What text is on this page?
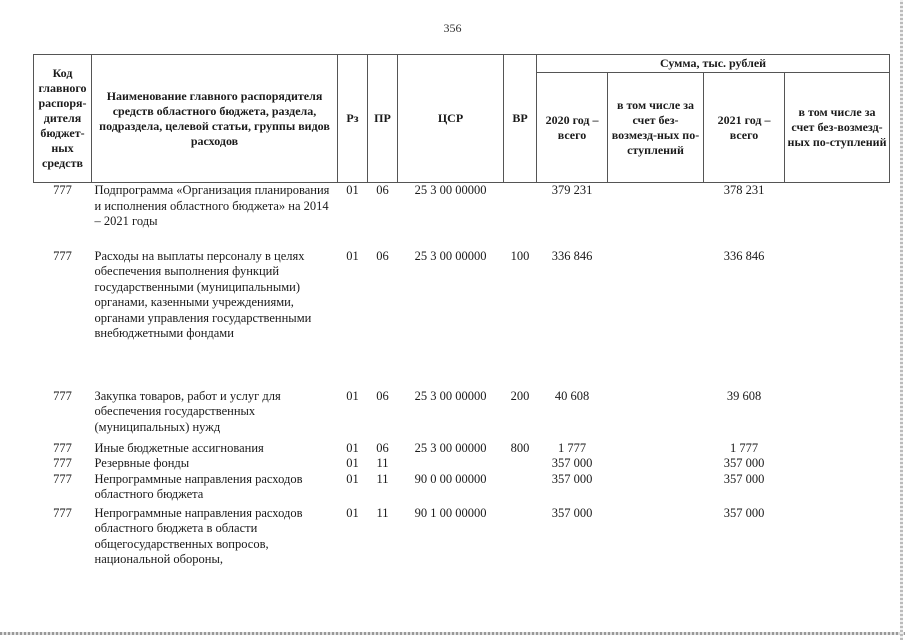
356
Код главного распоря-дителя бюджет-ных средств	Наименование главного распорядителя средств областного бюджета, раздела, подраздела, целевой статьи, группы видов расходов	Рз	ПР	ЦСР	ВР	Сумма, тыс. рублей			
						2020 год – всего	в том числе за счет без-возмезд-ных по-ступлений	2021 год – всего	в том числе за счет без-возмезд-ных по-ступлений
777	Подпрограмма «Организация планирования и исполнения областного бюджета» на 2014 – 2021 годы	01	06	25 3 00 00000		379 231		378 231	
777	Расходы на выплаты персоналу в целях обеспечения выполнения функций государственными (муниципальными) органами, казенными учреждениями, органами управления государственными внебюджетными фондами	01	06	25 3 00 00000	100	336 846		336 846	
777	Закупка товаров, работ и услуг для обеспечения государственных (муниципальных) нужд	01	06	25 3 00 00000	200	40 608		39 608	
777	Иные бюджетные ассигнования	01	06	25 3 00 00000	800	1 777		1 777	
777	Резервные фонды	01	11			357 000		357 000	
777	Непрограммные направления расходов областного бюджета	01	11	90 0 00 00000		357 000		357 000	
777	Непрограммные направления расходов областного бюджета в области общегосударственных вопросов, национальной обороны,	01	11	90 1 00 00000		357 000		357 000	
